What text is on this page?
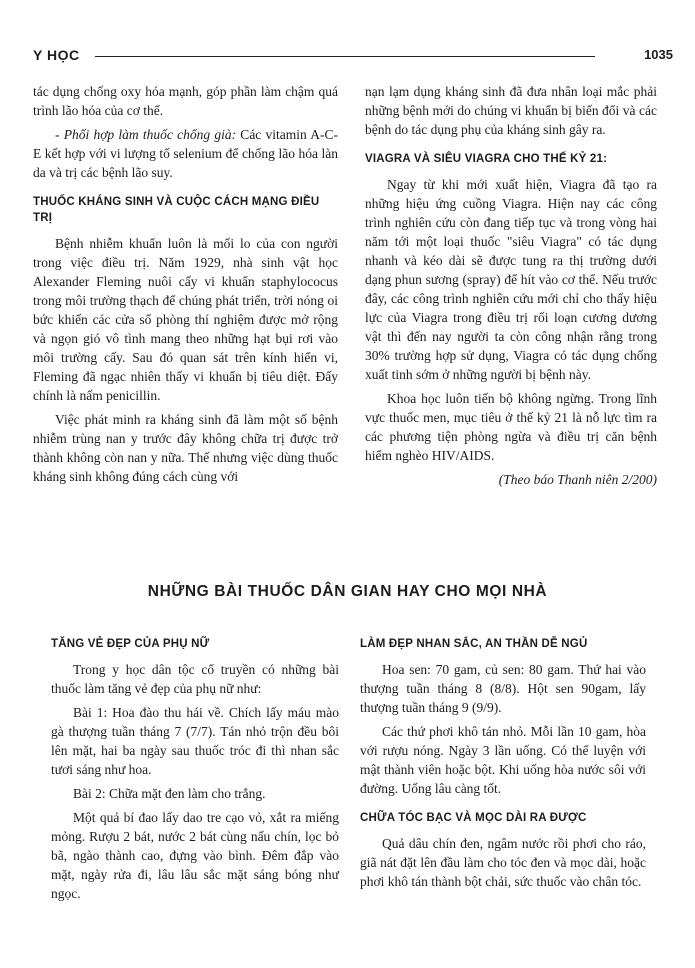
Y HỌC	1035

tác dụng chống oxy hóa mạnh, góp phần làm chậm quá trình lão hóa của cơ thể.

- Phối hợp làm thuốc chống già: Các vitamin A-C-E kết hợp với vi lượng tố selenium để chống lão hóa làn da và trị các bệnh lão suy.

THUỐC KHÁNG SINH VÀ CUỘC CÁCH MẠNG ĐIỀU TRỊ

Bệnh nhiễm khuẩn luôn là mối lo của con người trong việc điều trị. Năm 1929, nhà sinh vật học Alexander Fleming nuôi cấy vi khuẩn staphylococus trong môi trường thạch để chúng phát triển, trời nóng oi bức khiến các cửa sổ phòng thí nghiệm được mở rộng và ngọn gió vô tình mang theo những hạt bụi rơi vào môi trường cấy. Sau đó quan sát trên kính hiển vi, Fleming đã ngạc nhiên thấy vi khuẩn bị tiêu diệt. Đấy chính là nấm penicillin.

Việc phát minh ra kháng sinh đã làm một số bệnh nhiễm trùng nan y trước đây không chữa trị được trở thành không còn nan y nữa. Thế nhưng việc dùng thuốc kháng sinh không đúng cách cùng với

nạn lạm dụng kháng sinh đã đưa nhân loại mắc phải những bệnh mới do chúng vi khuẩn bị biến đổi và các bệnh do tác dụng phụ của kháng sinh gây ra.

VIAGRA VÀ SIÊU VIAGRA CHO THẾ KỶ 21:

Ngay từ khi mới xuất hiện, Viagra đã tạo ra những hiệu ứng cuồng Viagra. Hiện nay các công trình nghiên cứu còn đang tiếp tục và trong vòng hai năm tới một loại thuốc "siêu Viagra" có tác dụng nhanh và kéo dài sẽ được tung ra thị trường dưới dạng phun sương (spray) để hít vào cơ thể. Nếu trước đây, các công trình nghiên cứu mới chỉ cho thấy hiệu lực của Viagra trong điều trị rối loạn cương dương vật thì đến nay người ta còn công nhận rằng trong 30% trường hợp sử dụng, Viagra có tác dụng chống xuất tinh sớm ở những người bị bệnh này.

Khoa học luôn tiến bộ không ngừng. Trong lĩnh vực thuốc men, mục tiêu ở thế kỷ 21 là nỗ lực tìm ra các phương tiện phòng ngừa và điều trị căn bệnh hiểm nghèo HIV/AIDS.

(Theo báo Thanh niên 2/200)

NHỮNG BÀI THUỐC DÂN GIAN HAY CHO MỌI NHÀ
TĂNG VẺ ĐẸP CỦA PHỤ NỮ

Trong y học dân tộc cổ truyền có những bài thuốc làm tăng vẻ đẹp của phụ nữ như:

Bài 1: Hoa đào thu hái về. Chích lấy máu mào gà thượng tuần tháng 7 (7/7). Tán nhỏ trộn đều bôi lên mặt, hai ba ngày sau thuốc tróc đi thì nhan sắc tươi sáng như hoa.

Bài 2: Chữa mặt đen làm cho trắng.

Một quả bí đao lấy dao tre cạo vỏ, xắt ra miếng mỏng. Rượu 2 bát, nước 2 bát cùng nấu chín, lọc bỏ bã, ngào thành cao, đựng vào bình. Đêm đắp vào mặt, ngày rửa đi, lâu lâu sắc mặt sáng bóng như ngọc.

LÀM ĐẸP NHAN SẮC, AN THẦN DỄ NGỦ

Hoa sen: 70 gam, củ sen: 80 gam. Thứ hai vào thượng tuần tháng 8 (8/8). Hột sen 90gam, lấy thượng tuần tháng 9 (9/9).

Các thứ phơi khô tán nhỏ. Mỗi lần 10 gam, hòa với rượu nóng. Ngày 3 lần uống. Có thể luyện với mật thành viên hoặc bột. Khi uống hòa nước sôi với đường. Uống lâu càng tốt.

CHỮA TÓC BẠC VÀ MỌC DÀI RA ĐƯỢC

Quả dâu chín đen, ngâm nước rồi phơi cho ráo, giã nát đặt lên đầu làm cho tóc đen và mọc dài, hoặc phơi khô tán thành bột chải, sức thuốc vào chân tóc.
